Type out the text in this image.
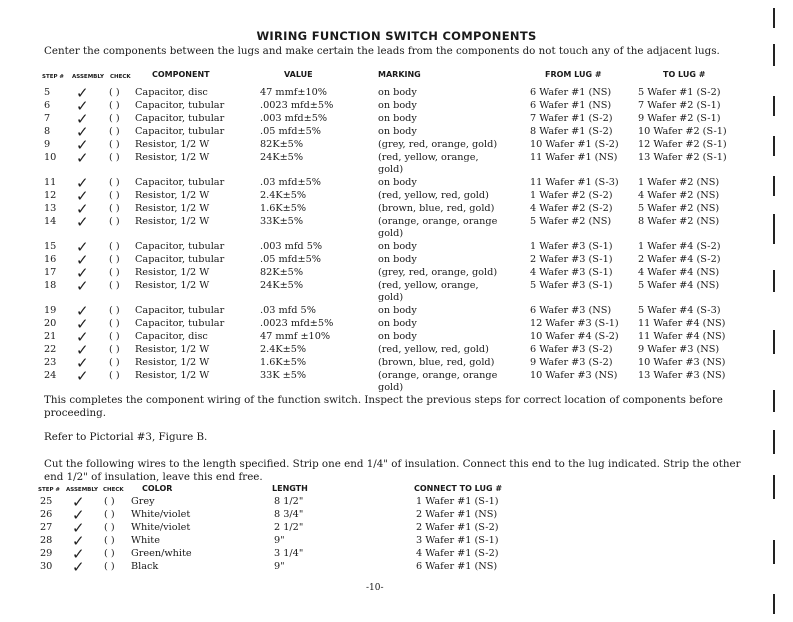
WIRING FUNCTION SWITCH COMPONENTS
Center the components between the lugs and make certain the leads from the components do not touch any of the adjacent lugs.
STEP # ASSEMBLY CHECK	COMPONENT	VALUE	MARKING	FROM LUG #	TO LUG #
5 ✓ ( ) Capacitor, disc	47 mmf±10%	on body	6 Wafer #1 (NS)	5 Wafer #1 (S-2)
6 ✓ ( ) Capacitor, tubular	.0023 mfd±5%	on body	6 Wafer #1 (NS)	7 Wafer #2 (S-1)
7 ✓ ( ) Capacitor, tubular	.003 mfd±5%	on body	7 Wafer #1 (S-2)	9 Wafer #2 (S-1)
8 ✓ ( ) Capacitor, tubular	.05 mfd±5%	on body	8 Wafer #1 (S-2)	10 Wafer #2 (S-1)
9 ✓ ( ) Resistor, 1/2 W	82K±5%	(grey, red, orange, gold)	10 Wafer #1 (S-2) 12 Wafer #2 (S-1)
10 ✓ ( ) Resistor, 1/2 W	24K±5%	(red, yellow, orange,
gold)
11 Wafer #1 (NS) 13 Wafer #2 (S-1)
11 ✓ ( ) Capacitor, tubular	.03 mfd±5%	on body	11 Wafer #1 (S-3) 1 Wafer #2 (NS)
12 ✓ ( ) Resistor, 1/2 W	2.4K±5%	(red, yellow, red, gold)	1 Wafer #2 (S-2)	4 Wafer #2 (NS)
13 ✓ ( ) Resistor, 1/2 W	1.6K±5%	(brown, blue, red, gold)	4 Wafer #2 (S-2)	5 Wafer #2 (NS)
14 ✓ ( ) Resistor, 1/2 W	33K±5%	(orange, orange, orange
gold)
5 Wafer #2 (NS)	8 Wafer #2 (NS)
15 ✓ ( ) Capacitor, tubular	.003 mfd 5%	on body	1 Wafer #3 (S-1)	1 Wafer #4 (S-2)
16 ✓ ( ) Capacitor, tubular	.05 mfd±5%	on body	2 Wafer #3 (S-1)	2 Wafer #4 (S-2)
17 ✓ ( ) Resistor, 1/2 W	82K±5%	(grey, red, orange, gold)	4 Wafer #3 (S-1)	4 Wafer #4 (NS)
18 ✓ ( ) Resistor, 1/2 W	24K±5%	(red, yellow, orange,
gold)
5 Wafer #3 (S-1)	5 Wafer #4 (NS)
19 ✓ ( ) Capacitor, tubular	.03 mfd 5%	on body	6 Wafer #3 (NS)	5 Wafer #4 (S-3)
20 ✓ ( ) Capacitor, tubular	.0023 mfd±5%	on body	12 Wafer #3 (S-1) 11 Wafer #4 (NS)
21 ✓ ( ) Capacitor, disc	47 mmf ±10%	on body	10 Wafer #4 (S-2) 11 Wafer #4 (NS)
22 ✓ ( ) Resistor, 1/2 W	2.4K±5%	(red, yellow, red, gold)	6 Wafer #3 (S-2)	9 Wafer #3 (NS)
23 ✓ ( ) Resistor, 1/2 W	1.6K±5%	(brown, blue, red, gold)	9 Wafer #3 (S-2)	10 Wafer #3 (NS)
24 ✓ ( ) Resistor, 1/2 W	33K ±5%	(orange, orange, orange
gold)
10 Wafer #3 (NS) 13 Wafer #3 (NS)
This completes the component wiring of the function switch. Inspect the previous steps for correct location of components before proceeding.
Refer to Pictorial #3, Figure B.
Cut the following wires to the length specified. Strip one end 1/4" of insulation. Connect this end to the lug indicated. Strip the other end 1/2" of insulation, leave this end free.
STEP # ASSEMBLY CHECK COLOR	LENGTH	CONNECT TO LUG #
25 ✓ ( ) Grey	8 1/2"	1 Wafer #1 (S-1)
26 ✓ ( ) White/violet	8 3/4"	2 Wafer #1 (NS)
27 ✓ ( ) White/violet	2 1/2"	2 Wafer #1 (S-2)
28 ✓ ( ) White	9"	3 Wafer #1 (S-1)
29 ✓ ( ) Green/white	3 1/4"	4 Wafer #1 (S-2)
30 ✓ ( ) Black	9"	6 Wafer #1 (NS)
-10-
